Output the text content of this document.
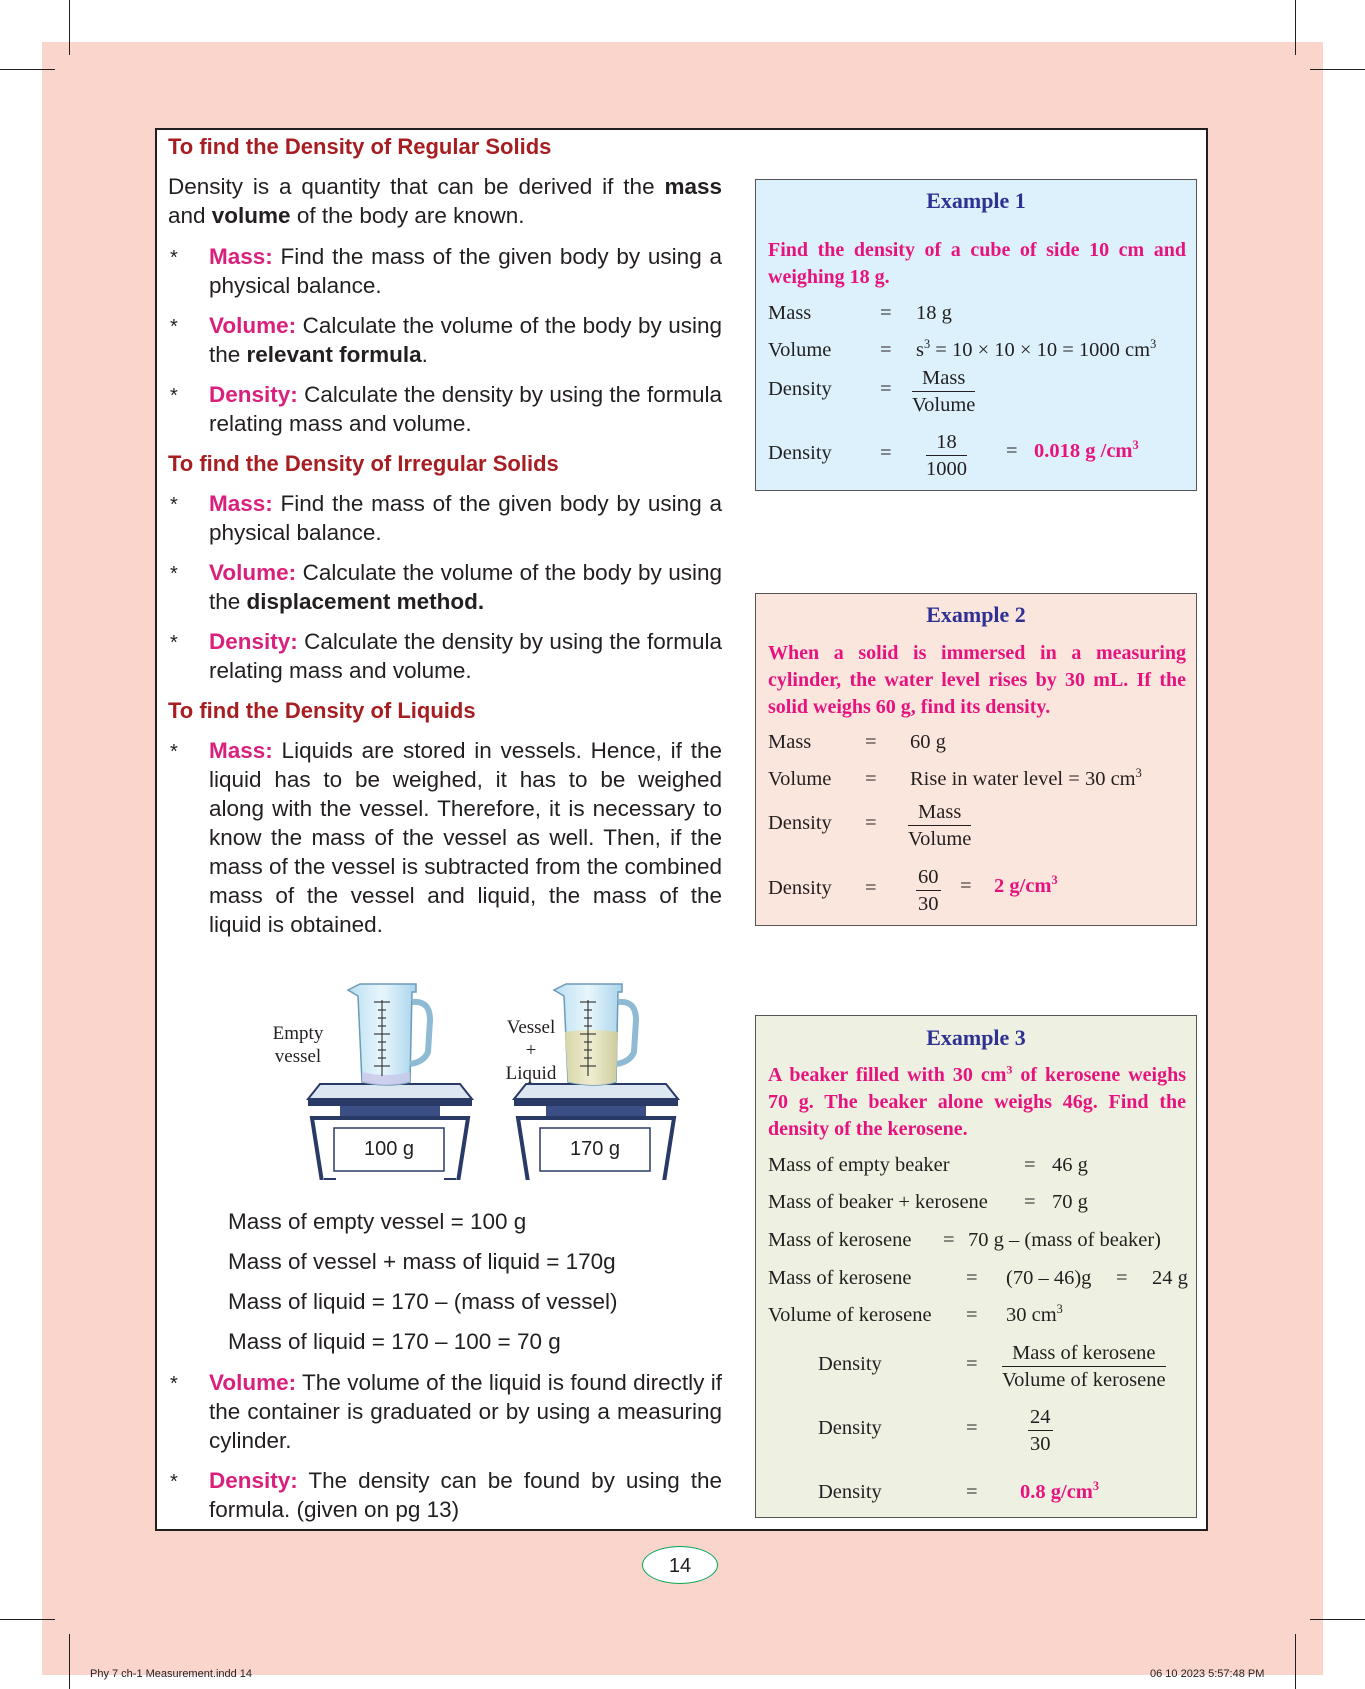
To find the Density of Regular Solids

Density is a quantity that can be derived if the mass and volume of the body are known.

* Mass: Find the mass of the given body by using a physical balance.
* Volume: Calculate the volume of the body by using the relevant formula.
* Density: Calculate the density by using the formula relating mass and volume.
To find the Density of Irregular Solids
* Mass: Find the mass of the given body by using a physical balance.
* Volume: Calculate the volume of the body by using the displacement method.
* Density: Calculate the density by using the formula relating mass and volume.
To find the Density of Liquids
* Mass: Liquids are stored in vessels. Hence, if the liquid has to be weighed, it has to be weighed along with the vessel. Therefore, it is necessary to know the mass of the vessel as well. Then, if the mass of the vessel is subtracted from the combined mass of the vessel and liquid, the mass of the liquid is obtained.
Empty
vessel
Vessel
+
Liquid
100 g	170 g
Mass of empty vessel = 100 g
Mass of vessel + mass of liquid = 170g
Mass of liquid = 170 – (mass of vessel)
Mass of liquid = 170 – 100 = 70 g
* Volume: The volume of the liquid is found directly if the container is graduated or by using a measuring cylinder.
* Density: The density can be found by using the formula. (given on pg 13)
Example 1

Find the density of a cube of side 10 cm and weighing 18 g.

Mass	= 18 g
Volume = $s^3 = 10 \times 10 \times 10 = 1000$ $cm^3$
Density =	Mass
Volume
Density = $\frac{18}{1000} = 0.018$ g $/cm^3$
Example 2

When a solid is immersed in a measuring cylinder, the water level rises by 30 mL. If the solid weighs 60 g, find its density.

Mass	= 60 g
Volume = Rise in water level = 30 $cm^3$
Density =	Mass
Volume
Density = $\frac{60}{30} = 2$ $g/cm^3$
Example 3

A beaker filled with 30 $cm^3$ of kerosene weighs 70 g. The beaker alone weighs 46g. Find the density of the kerosene.

Mass of empty beaker	= 46 g
Mass of beaker + kerosene = 70 g
Mass of kerosene = 70 g – (mass of beaker)
Mass of kerosene	= (70 – 46)g = 24 g
Volume of kerosene = 30 $cm^3$
Density	=	Mass of kerosene
Volume of kerosene
Density	= $\frac{24}{30}$
Density	= 0.8 $g/cm^3$
14
Phy 7 ch-1 Measurement.indd 14	06 10 2023 5:57:48 PM
